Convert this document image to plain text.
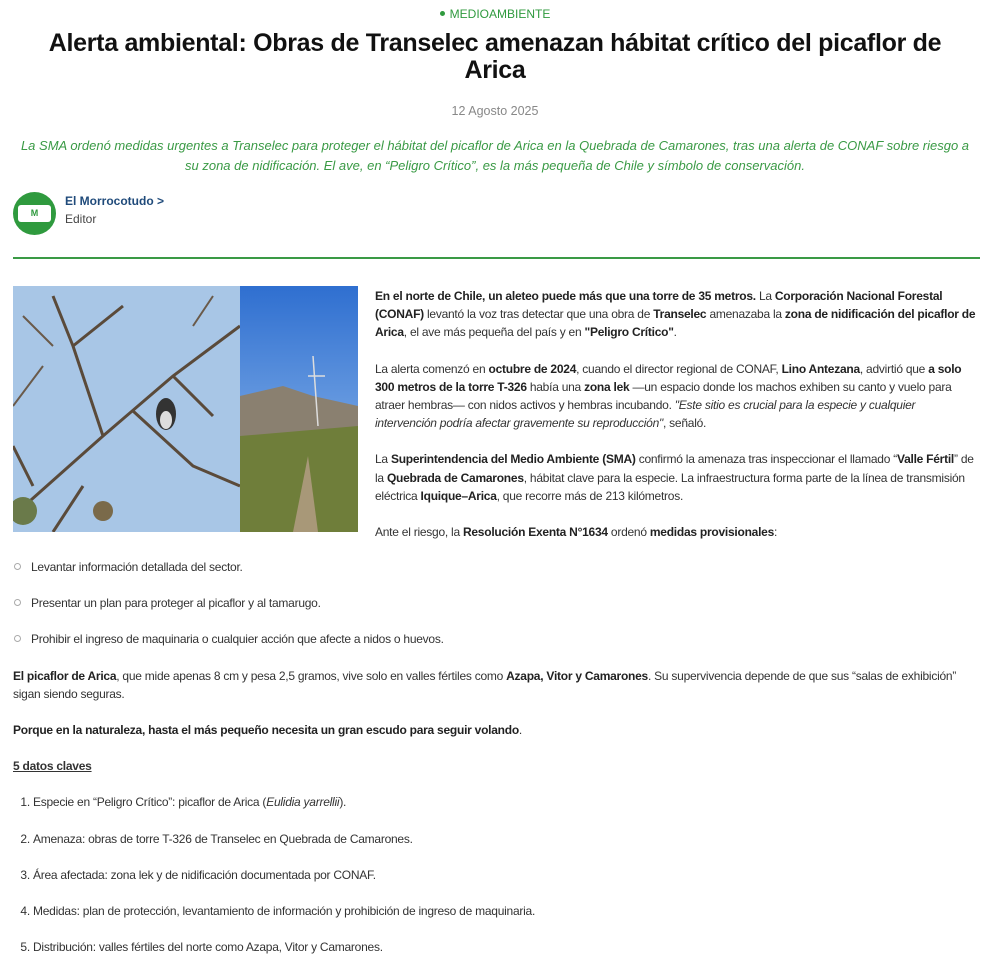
MEDIOAMBIENTE
Alerta ambiental: Obras de Transelec amenazan hábitat crítico del picaflor de Arica
12 Agosto 2025
La SMA ordenó medidas urgentes a Transelec para proteger el hábitat del picaflor de Arica en la Quebrada de Camarones, tras una alerta de CONAF sobre riesgo a su zona de nidificación. El ave, en “Peligro Crítico”, es la más pequeña de Chile y símbolo de conservación.
M
El Morrocotudo >
Editor

En el norte de Chile, un aleteo puede más que una torre de 35 metros. La Corporación Nacional Forestal (CONAF) levantó la voz tras detectar que una obra de Transelec amenazaba la zona de nidificación del picaflor de Arica, el ave más pequeña del país y en "Peligro Crítico".

La alerta comenzó en octubre de 2024, cuando el director regional de CONAF, Lino Antezana, advirtió que a solo 300 metros de la torre T-326 había una zona lek —un espacio donde los machos exhiben su canto y vuelo para atraer hembras— con nidos activos y hembras incubando. "Este sitio es crucial para la especie y cualquier intervención podría afectar gravemente su reproducción", señaló.

La Superintendencia del Medio Ambiente (SMA) confirmó la amenaza tras inspeccionar el llamado “Valle Fértil” de la Quebrada de Camarones, hábitat clave para la especie. La infraestructura forma parte de la línea de transmisión eléctrica Iquique–Arica, que recorre más de 213 kilómetros.

Ante el riesgo, la Resolución Exenta N°1634 ordenó medidas provisionales:

Levantar información detallada del sector.
Presentar un plan para proteger al picaflor y al tamarugo.
Prohibir el ingreso de maquinaria o cualquier acción que afecte a nidos o huevos.

El picaflor de Arica, que mide apenas 8 cm y pesa 2,5 gramos, vive solo en valles fértiles como Azapa, Vitor y Camarones. Su supervivencia depende de que sus “salas de exhibición” sigan siendo seguras.

Porque en la naturaleza, hasta el más pequeño necesita un gran escudo para seguir volando.

5 datos claves

1. Especie en “Peligro Crítico”: picaflor de Arica (Eulidia yarrellii).
2. Amenaza: obras de torre T-326 de Transelec en Quebrada de Camarones.
3. Área afectada: zona lek y de nidificación documentada por CONAF.
4. Medidas: plan de protección, levantamiento de información y prohibición de ingreso de maquinaria.
5. Distribución: valles fértiles del norte como Azapa, Vitor y Camarones.
